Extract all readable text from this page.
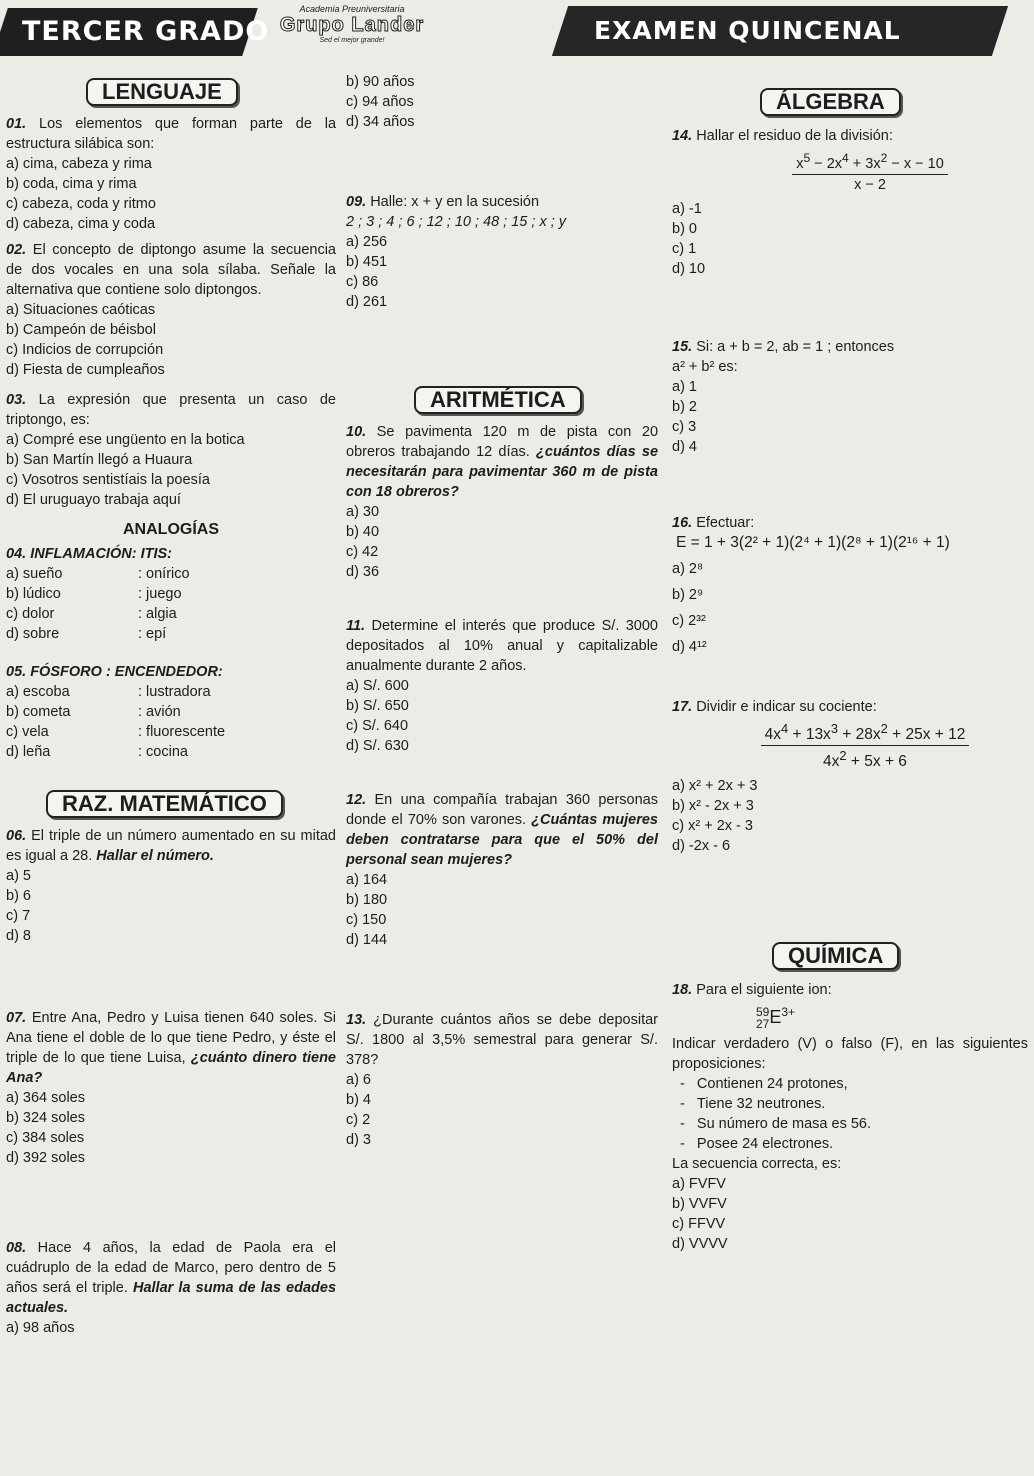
TERCER GRADO
Academia Preuniversitaria
Grupo Lander
Sed el mejor grande!	EXAMEN QUINCENAL
LENGUAJE
01. Los elementos que forman parte de la estructura silábica son:
a) cima, cabeza y rima
b) coda, cima y rima
c) cabeza, coda y ritmo
d) cabeza, cima y coda
02. El concepto de diptongo asume la secuencia de dos vocales en una sola sílaba. Señale la alternativa que contiene solo diptongos.
a) Situaciones caóticas
b) Campeón de béisbol
c) Indicios de corrupción
d) Fiesta de cumpleaños
03. La expresión que presenta un caso de triptongo, es:
a) Compré ese ungüento en la botica
b) San Martín llegó a Huaura
c) Vosotros sentistíais la poesía
d) El uruguayo trabaja aquí
ANALOGÍAS
04. INFLAMACIÓN: ITIS:
a) sueño	: onírico
b) lúdico	: juego
c) dolor	: algia
d) sobre	: epí
05. FÓSFORO : ENCENDEDOR:
a) escoba	: lustradora
b) cometa	: avión
c) vela	: fluorescente
d) leña	: cocina
RAZ. MATEMÁTICO
06. El triple de un número aumentado en su mitad es igual a 28. Hallar el número.
a) 5
b) 6
c) 7
d) 8
07. Entre Ana, Pedro y Luisa tienen 640 soles. Si Ana tiene el doble de lo que tiene Pedro, y éste el triple de lo que tiene Luisa, ¿cuánto dinero tiene Ana?
a) 364 soles
b) 324 soles
c) 384 soles
d) 392 soles
08. Hace 4 años, la edad de Paola era el cuádruplo de la edad de Marco, pero dentro de 5 años será el triple. Hallar la suma de las edades actuales.
a) 98 años
b) 90 años
c) 94 años
d) 34 años
09. Halle: x + y en la sucesión
2 ; 3 ; 4 ; 6 ; 12 ; 10 ; 48 ; 15 ; x ; y
a) 256
b) 451
c) 86
d) 261
ARITMÉTICA
10. Se pavimenta 120 m de pista con 20 obreros trabajando 12 días. ¿cuántos días se necesitarán para pavimentar 360 m de pista con 18 obreros?
a) 30
b) 40
c) 42
d) 36
11. Determine el interés que produce S/. 3000 depositados al 10% anual y capitalizable anualmente durante 2 años.
a) S/. 600
b) S/. 650
c) S/. 640
d) S/. 630
12. En una compañía trabajan 360 personas donde el 70% son varones. ¿Cuántas mujeres deben contratarse para que el 50% del personal sean mujeres?
a) 164
b) 180
c) 150
d) 144
13. ¿Durante cuántos años se debe depositar S/. 1800 al 3,5% semestral para generar S/. 378?
a) 6
b) 4
c) 2
d) 3
ÁLGEBRA
14. Hallar el residuo de la división:
$\frac{x^5 - 2x^4 + 3x^2 - x - 10}{x - 2}$
a) -1
b) 0
c) 1
d) 10
15. Si: a + b = 2, ab = 1 ; entonces
a² + b² es:
a) 1
b) 2
c) 3
d) 4
16. Efectuar:
E = 1 + 3(2² + 1)(2⁴ + 1)(2⁸ + 1)(2¹⁶ + 1)
a) 2⁸
b) 2⁹
c) 2³²
d) 4¹²
17. Dividir e indicar su cociente:
$\frac{4x^4 + 13x^3 + 28x^2 + 25x + 12}{4x^2 + 5x + 6}$
a) x² + 2x + 3
b) x² - 2x + 3
c) x² + 2x - 3
d) -2x - 6
QUÍMICA
18. Para el siguiente ion:
59
$27E^{3+}$
Indicar verdadero (V) o falso (F), en las siguientes proposiciones:
-   Contienen 24 protones,
-   Tiene 32 neutrones.
-   Su número de masa es 56.
-   Posee 24 electrones.
La secuencia correcta, es:
a) FVFV
b) VVFV
c) FFVV
d) VVVV
